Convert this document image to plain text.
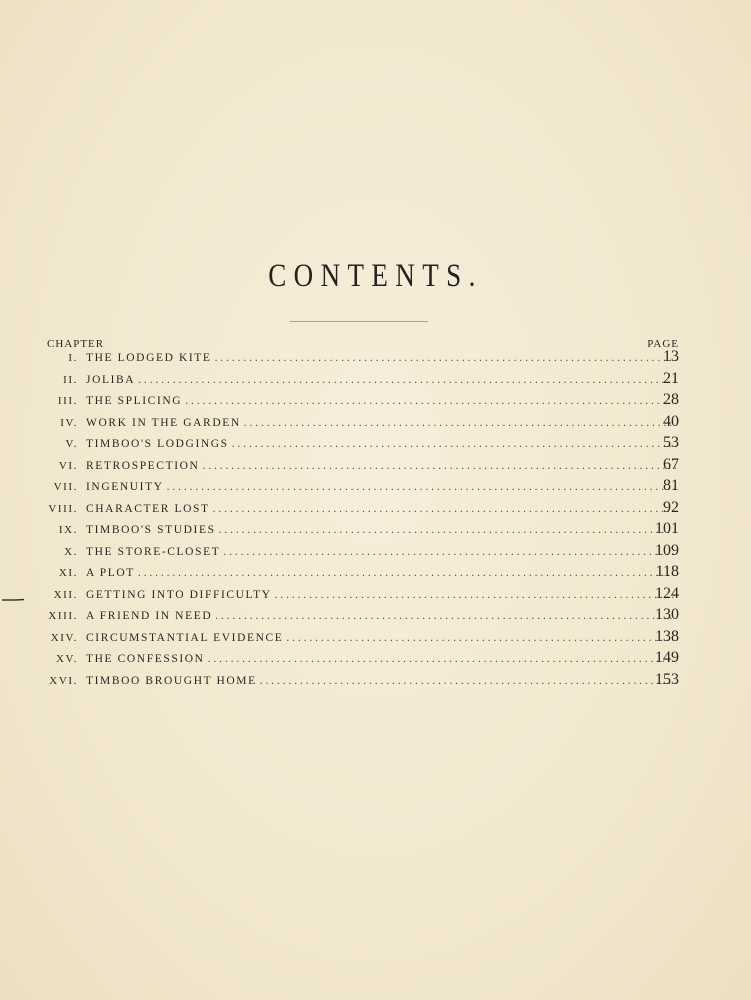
CONTENTS.
CHAPTER	PAGE
I. THE LODGED KITE . . .	13
II. JOLIBA . . .	21
III. THE SPLICING . . .	28
IV. WORK IN THE GARDEN . . .	40
V. TIMBOO'S LODGINGS . . .	53
VI. RETROSPECTION . . .	67
VII. INGENUITY . . .	81
VIII. CHARACTER LOST . . .	92
IX. TIMBOO'S STUDIES . . .	101
X. THE STORE-CLOSET . . .	109
XI. A PLOT . . .	118
XII. GETTING INTO DIFFICULTY . . .	124
XIII. A FRIEND IN NEED . . .	130
XIV. CIRCUMSTANTIAL EVIDENCE . . .	138
XV. THE CONFESSION . . .	149
XVI. TIMBOO BROUGHT HOME . . .	153
